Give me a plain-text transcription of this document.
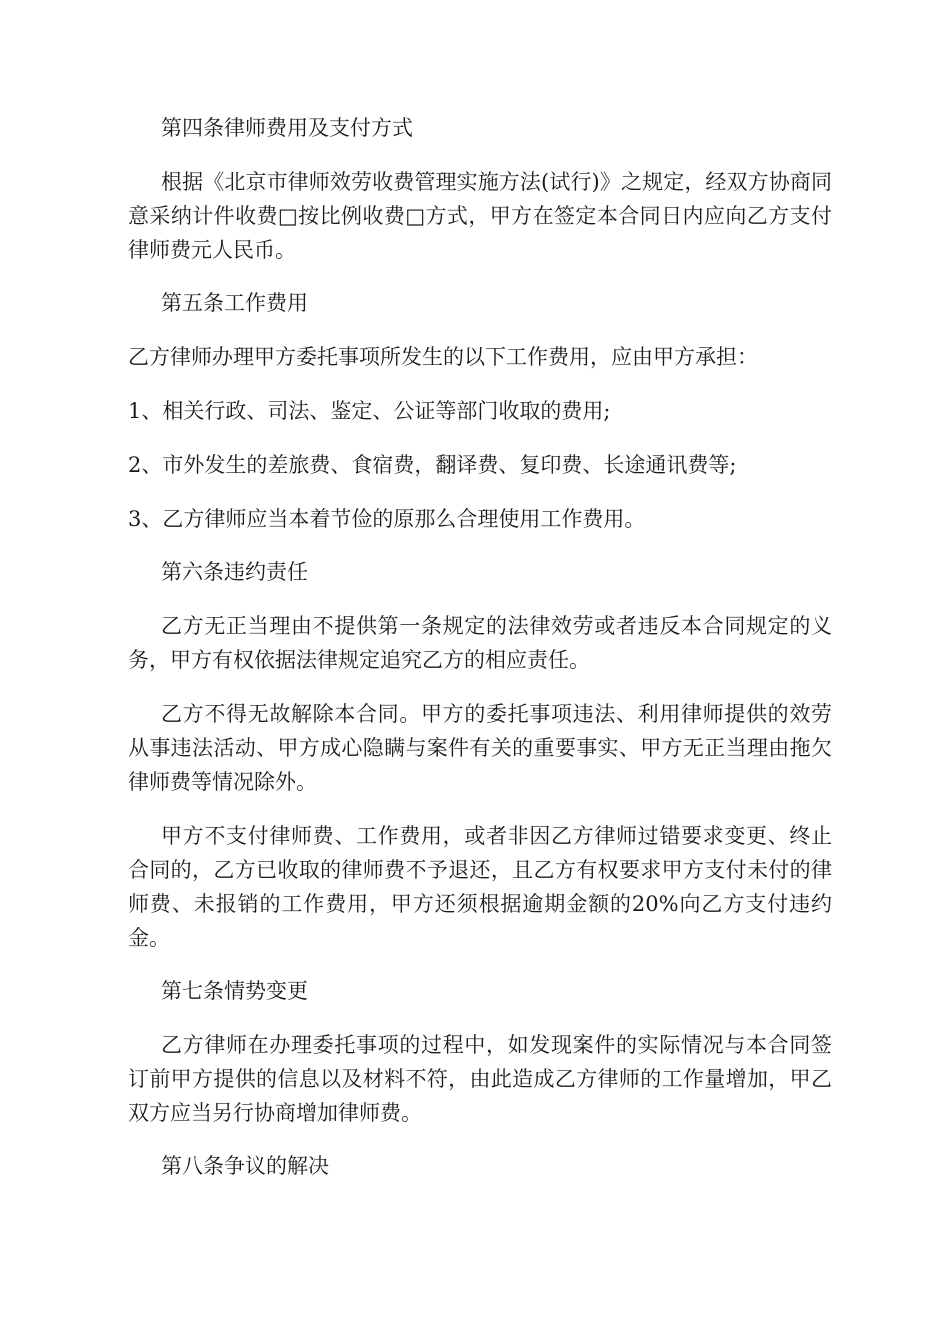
第四条律师费用及支付方式

根据《北京市律师效劳收费管理实施方法(试行)》之规定，经双方协商同意采纳计件收费□按比例收费□方式，甲方在签定本合同日内应向乙方支付律师费元人民币。

第五条工作费用

乙方律师办理甲方委托事项所发生的以下工作费用，应由甲方承担：

1、相关行政、司法、鉴定、公证等部门收取的费用;

2、市外发生的差旅费、食宿费，翻译费、复印费、长途通讯费等;

3、乙方律师应当本着节俭的原那么合理使用工作费用。

第六条违约责任

乙方无正当理由不提供第一条规定的法律效劳或者违反本合同规定的义务，甲方有权依据法律规定追究乙方的相应责任。

乙方不得无故解除本合同。甲方的委托事项违法、利用律师提供的效劳从事违法活动、甲方成心隐瞒与案件有关的重要事实、甲方无正当理由拖欠律师费等情况除外。

甲方不支付律师费、工作费用，或者非因乙方律师过错要求变更、终止合同的，乙方已收取的律师费不予退还，且乙方有权要求甲方支付未付的律师费、未报销的工作费用，甲方还须根据逾期金额的20%向乙方支付违约金。

第七条情势变更

乙方律师在办理委托事项的过程中，如发现案件的实际情况与本合同签订前甲方提供的信息以及材料不符，由此造成乙方律师的工作量增加，甲乙双方应当另行协商增加律师费。

第八条争议的解决
